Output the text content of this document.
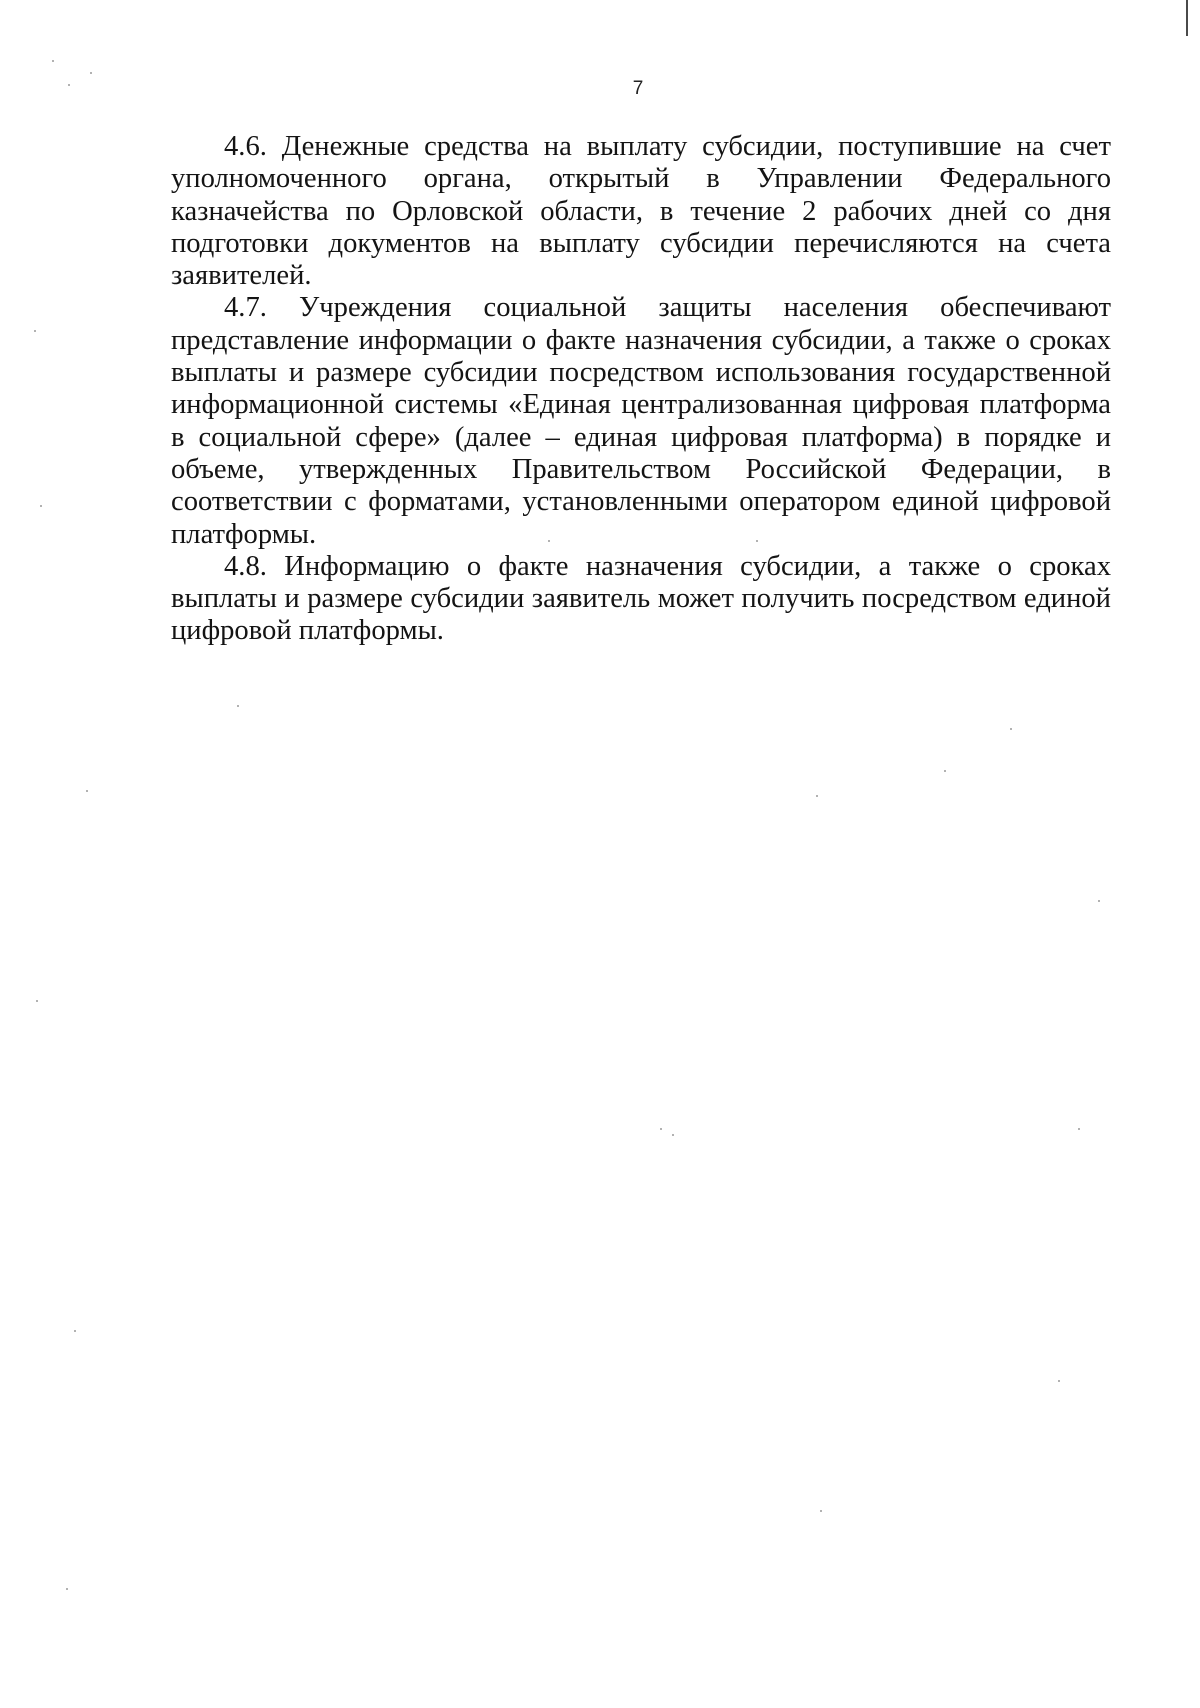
7

4.6. Денежные средства на выплату субсидии, поступившие на счет уполномоченного органа, открытый в Управлении Федерального казначейства по Орловской области, в течение 2 рабочих дней со дня подготовки документов на выплату субсидии перечисляются на счета заявителей.

4.7. Учреждения социальной защиты населения обеспечивают представление информации о факте назначения субсидии, а также о сроках выплаты и размере субсидии посредством использования государственной информационной системы «Единая централизованная цифровая платформа в социальной сфере» (далее – единая цифровая платформа) в порядке и объеме, утвержденных Правительством Российской Федерации, в соответствии с форматами, установленными оператором единой цифровой платформы.

4.8. Информацию о факте назначения субсидии, а также о сроках выплаты и размере субсидии заявитель может получить посредством единой цифровой платформы.
